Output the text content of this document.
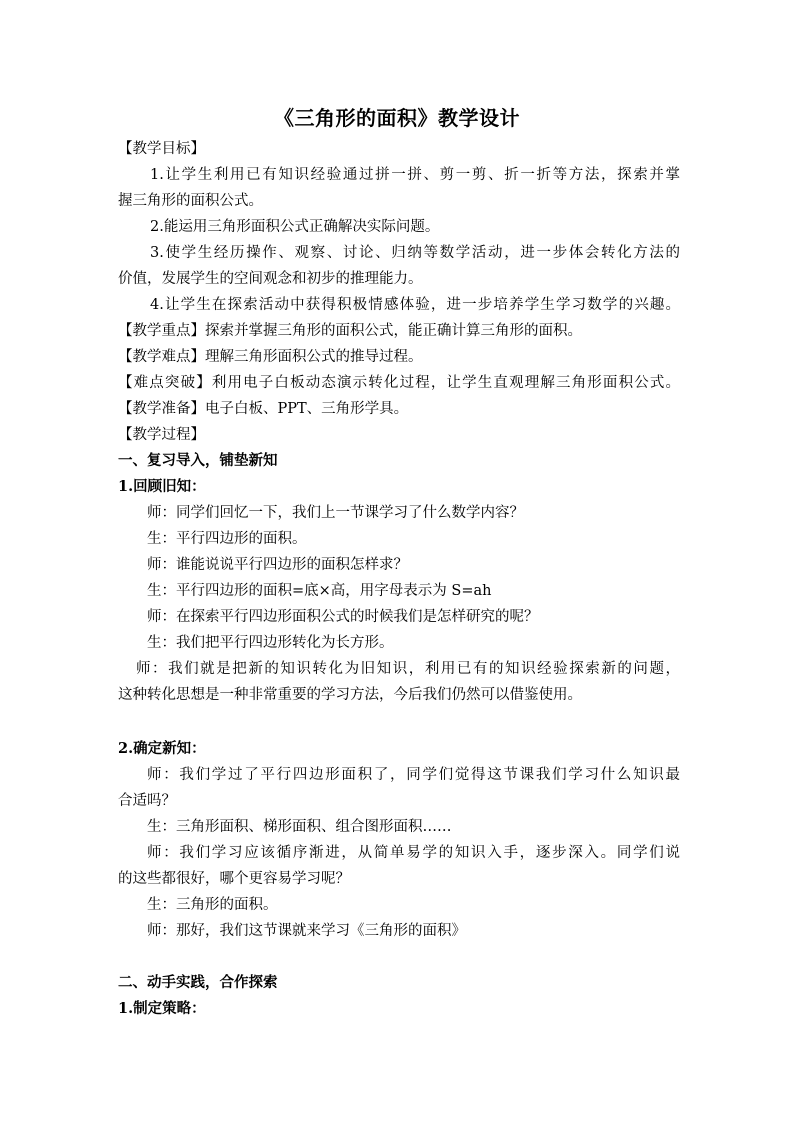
《三角形的面积》教学设计
【教学目标】
1.让学生利用已有知识经验通过拼一拼、剪一剪、折一折等方法，探索并掌
握三角形的面积公式。
2.能运用三角形面积公式正确解决实际问题。
3.使学生经历操作、观察、讨论、归纳等数学活动，进一步体会转化方法的
价值，发展学生的空间观念和初步的推理能力。
4.让学生在探索活动中获得积极情感体验，进一步培养学生学习数学的兴趣。
【教学重点】探索并掌握三角形的面积公式，能正确计算三角形的面积。
【教学难点】理解三角形面积公式的推导过程。
【难点突破】利用电子白板动态演示转化过程，让学生直观理解三角形面积公式。
【教学准备】电子白板、PPT、三角形学具。
【教学过程】
一、复习导入，铺垫新知
1.回顾旧知：
师：同学们回忆一下，我们上一节课学习了什么数学内容？
生：平行四边形的面积。
师：谁能说说平行四边形的面积怎样求？
生：平行四边形的面积=底×高，用字母表示为 S=ah
师：在探索平行四边形面积公式的时候我们是怎样研究的呢？
生：我们把平行四边形转化为长方形。
师：我们就是把新的知识转化为旧知识，利用已有的知识经验探索新的问题，
这种转化思想是一种非常重要的学习方法，今后我们仍然可以借鉴使用。
2.确定新知：
师：我们学过了平行四边形面积了，同学们觉得这节课我们学习什么知识最
合适吗？
生：三角形面积、梯形面积、组合图形面积……
师：我们学习应该循序渐进，从简单易学的知识入手，逐步深入。同学们说
的这些都很好，哪个更容易学习呢？
生：三角形的面积。
师：那好，我们这节课就来学习《三角形的面积》
二、动手实践，合作探索
1.制定策略：
